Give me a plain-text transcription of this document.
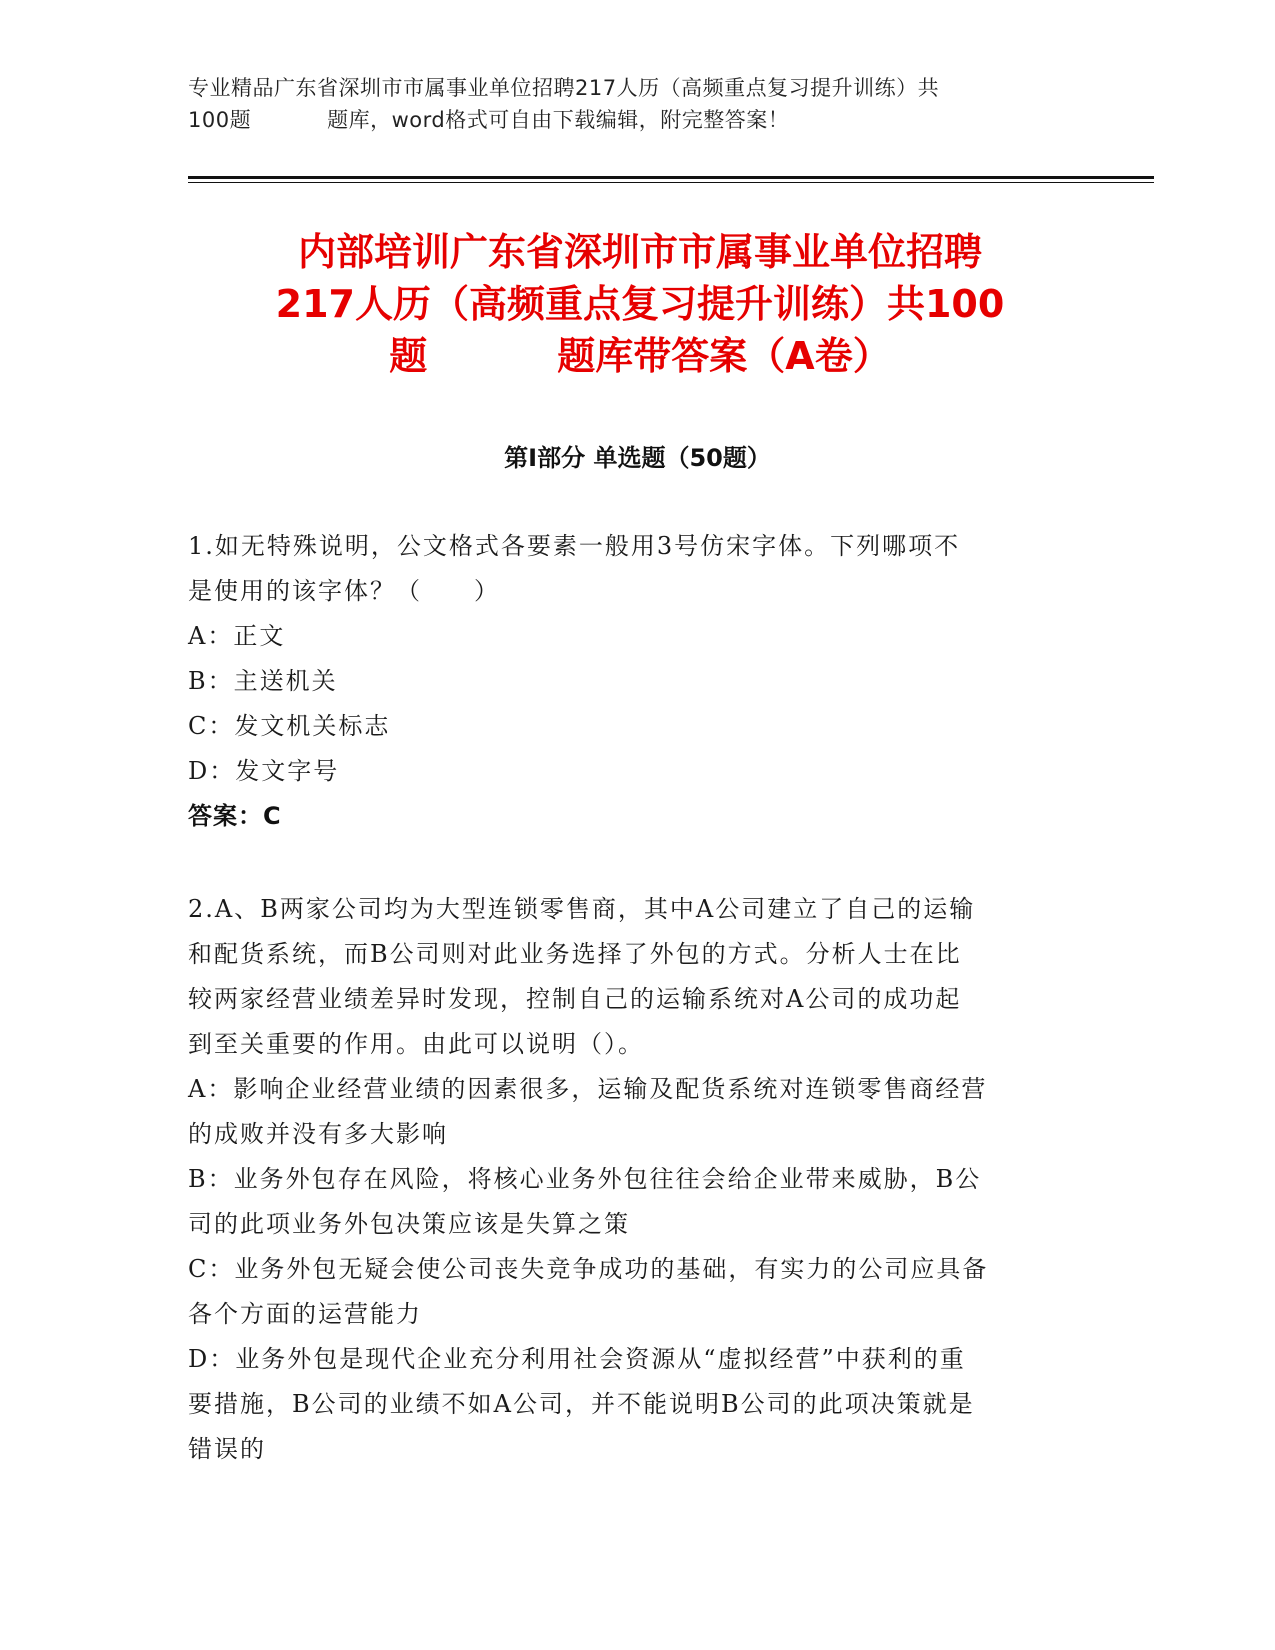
专业精品广东省深圳市市属事业单位招聘217人历（高频重点复习提升训练）共
100题	题库，word格式可自由下载编辑，附完整答案！
内部培训广东省深圳市市属事业单位招聘
217人历（高频重点复习提升训练）共100
题	题库带答案（A卷）
第Ⅰ部分 单选题（50题）
1.如无特殊说明，公文格式各要素一般用3号仿宋字体。下列哪项不
是使用的该字体？（　　）
A：正文
B：主送机关
C：发文机关标志
D：发文字号
答案：C
2.A、B两家公司均为大型连锁零售商，其中A公司建立了自己的运输
和配货系统，而B公司则对此业务选择了外包的方式。分析人士在比
较两家经营业绩差异时发现，控制自己的运输系统对A公司的成功起
到至关重要的作用。由此可以说明（）。
A：影响企业经营业绩的因素很多，运输及配货系统对连锁零售商经营
的成败并没有多大影响
B：业务外包存在风险，将核心业务外包往往会给企业带来威胁，B公
司的此项业务外包决策应该是失算之策
C：业务外包无疑会使公司丧失竞争成功的基础，有实力的公司应具备
各个方面的运营能力
D：业务外包是现代企业充分利用社会资源从“虚拟经营”中获利的重
要措施，B公司的业绩不如A公司，并不能说明B公司的此项决策就是
错误的
